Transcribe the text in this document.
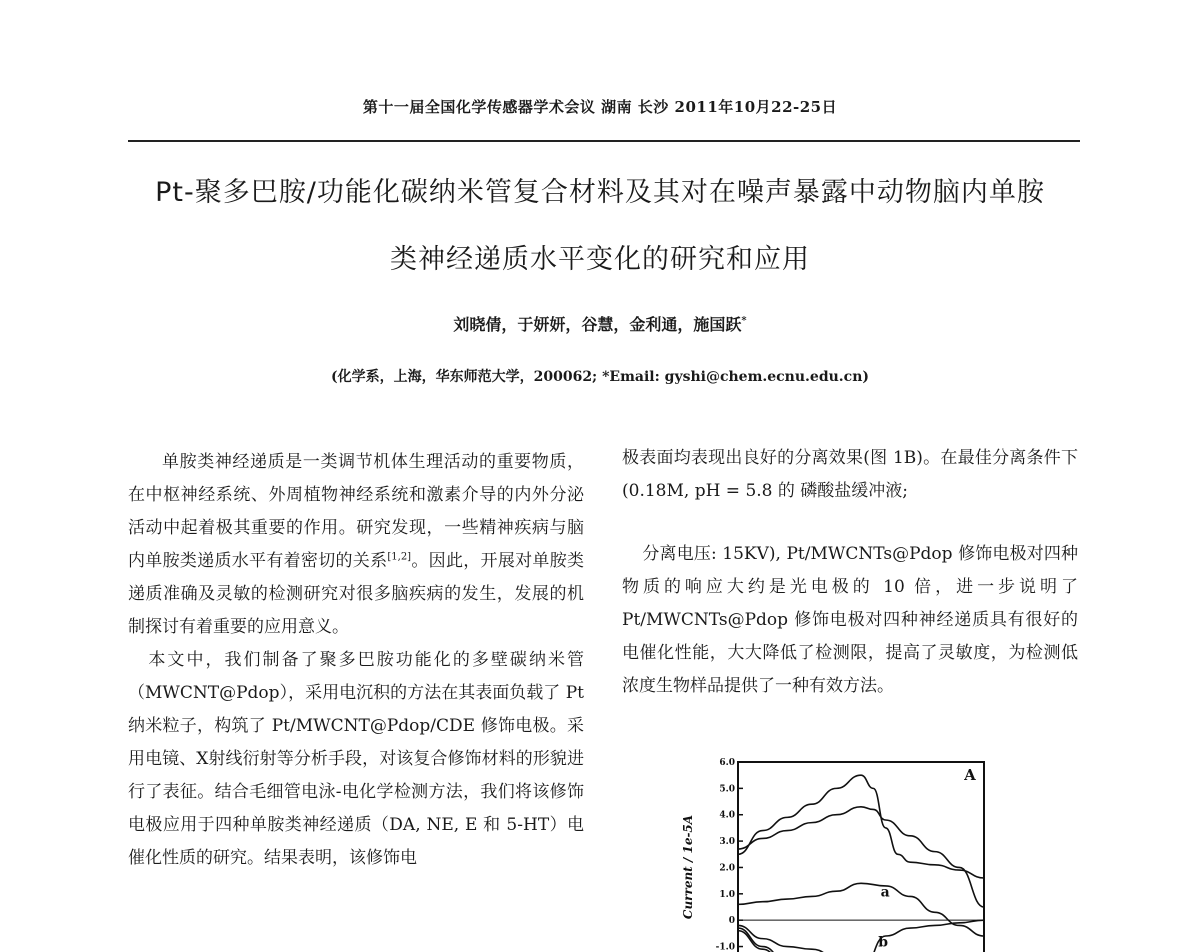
第十一届全国化学传感器学术会议 湖南 长沙 2011年10月22-25日
Pt-聚多巴胺/功能化碳纳米管复合材料及其对在噪声暴露中动物脑内单胺
类神经递质水平变化的研究和应用
刘晓倩，于妍妍，谷慧，金利通，施国跃*
(化学系，上海，华东师范大学，200062; *Email: gyshi@chem.ecnu.edu.cn)

单胺类神经递质是一类调节机体生理活动的重要物质，在中枢神经系统、外周植物神经系统和激素介导的内外分泌活动中起着极其重要的作用。研究发现，一些精神疾病与脑内单胺类递质水平有着密切的关系[1,2]。因此，开展对单胺类递质准确及灵敏的检测研究对很多脑疾病的发生，发展的机制探讨有着重要的应用意义。

本文中，我们制备了聚多巴胺功能化的多壁碳纳米管（MWCNT@Pdop），采用电沉积的方法在其表面负载了 Pt 纳米粒子，构筑了 Pt/MWCNT@Pdop/CDE 修饰电极。采用电镜、X射线衍射等分析手段，对该复合修饰材料的形貌进行了表征。结合毛细管电泳-电化学检测方法，我们将该修饰电极应用于四种单胺类神经递质（DA, NE, E 和 5-HT）电催化性质的研究。结果表明，该修饰电

极表面均表现出良好的分离效果(图 1B)。在最佳分离条件下 (0.18M, pH = 5.8 的 磷酸盐缓冲液;

分离电压: 15KV), Pt/MWCNTs@Pdop 修饰电极对四种物质的响应大约是光电极的 10 倍，进一步说明了 Pt/MWCNTs@Pdop 修饰电极对四种神经递质具有很好的电催化性能，大大降低了检测限，提高了灵敏度，为检测低浓度生物样品提供了一种有效方法。

6.0
5.0
4.0
3.0
2.0
1.0
0
-1.0
Current / 1e-5A
A
a
b
